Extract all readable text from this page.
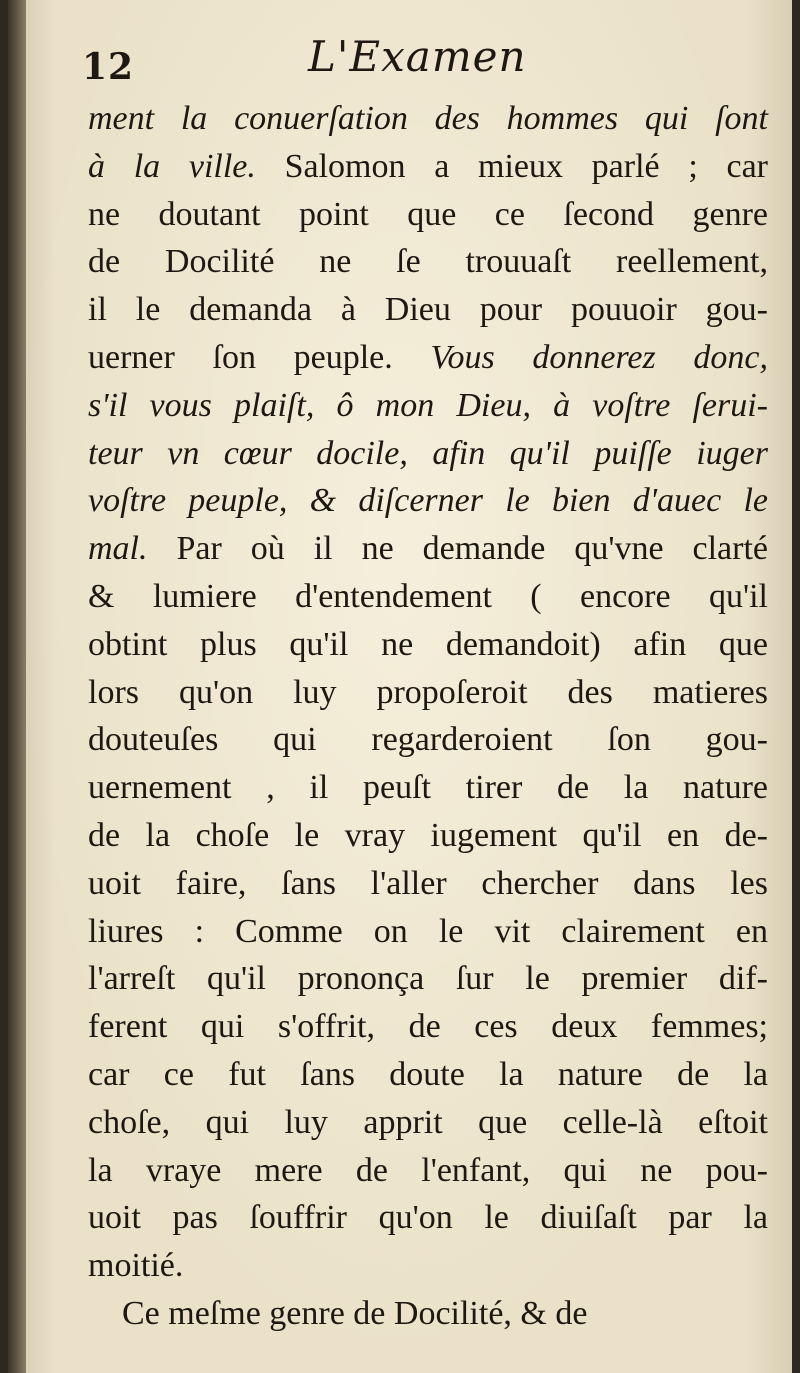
12	L'Examen
ment la conuerſation des hommes qui ſont
à la ville. Salomon a mieux parlé ; car
ne doutant point que ce ſecond genre
de Docilité ne ſe trouuaſt reellement,
il le demanda à Dieu pour pouuoir gou-
uerner ſon peuple. Vous donnerez donc,
s'il vous plaiſt, ô mon Dieu, à voſtre ſerui-
teur vn cœur docile, afin qu'il puiſſe iuger
voſtre peuple, & diſcerner le bien d'auec le
mal. Par où il ne demande qu'vne clarté
& lumiere d'entendement ( encore qu'il
obtint plus qu'il ne demandoit) afin que
lors qu'on luy propoſeroit des matieres
douteuſes qui regarderoient ſon gou-
uernement , il peuſt tirer de la nature
de la choſe le vray iugement qu'il en de-
uoit faire, ſans l'aller chercher dans les
liures : Comme on le vit clairement en
l'arreſt qu'il prononça ſur le premier dif-
ferent qui s'offrit, de ces deux femmes;
car ce fut ſans doute la nature de la
choſe, qui luy apprit que celle-là eſtoit
la vraye mere de l'enfant, qui ne pou-
uoit pas ſouffrir qu'on le diuiſaſt par la
moitié.
Ce meſme genre de Docilité, & de
